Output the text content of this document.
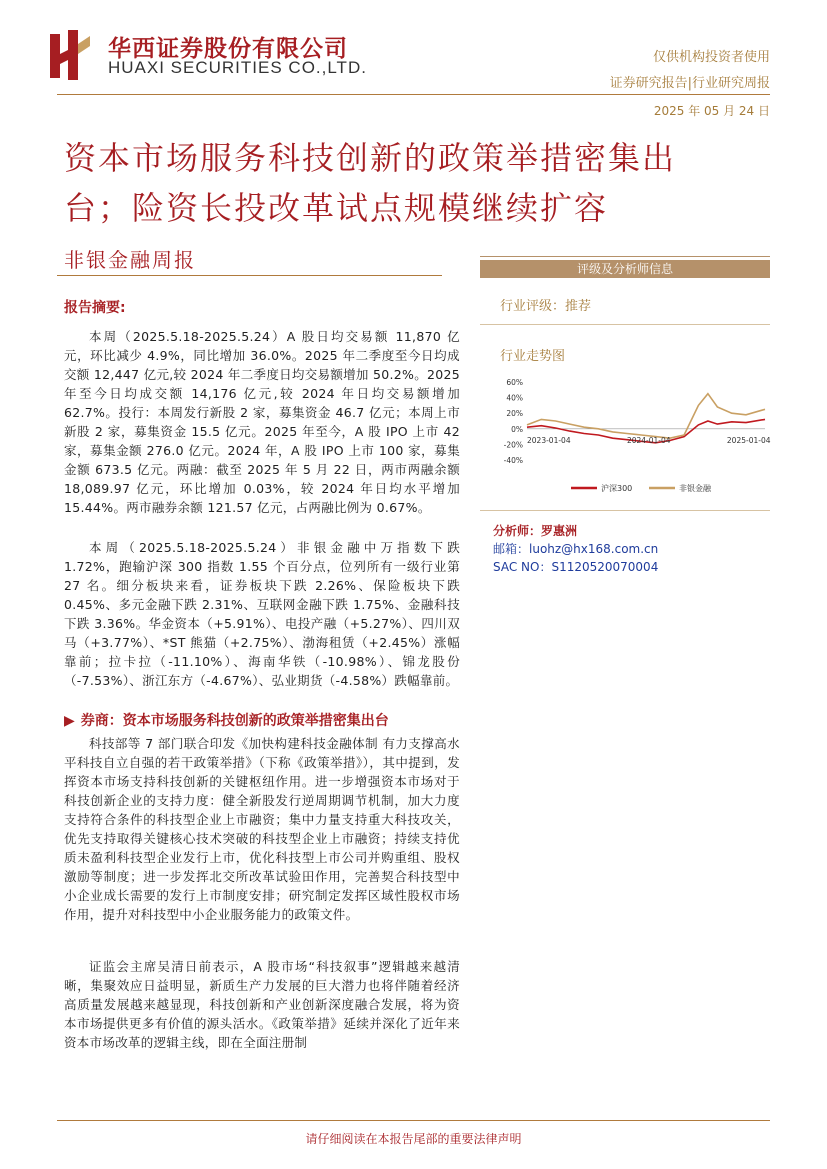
华西证券股份有限公司
HUAXI SECURITIES CO.,LTD.
仅供机构投资者使用
证券研究报告|行业研究周报
2025 年 05 月 24 日
资本市场服务科技创新的政策举措密集出
台；险资长投改革试点规模继续扩容
非银金融周报
报告摘要:
本周（2025.5.18-2025.5.24）A 股日均交易额 11,870 亿元，环比减少 4.9%，同比增加 36.0%。2025 年二季度至今日均成交额 12,447 亿元,较 2024 年二季度日均交易额增加 50.2%。2025 年至今日均成交额 14,176 亿元,较 2024 年日均交易额增加 62.7%。投行：本周发行新股 2 家，募集资金 46.7 亿元；本周上市新股 2 家，募集资金 15.5 亿元。2025 年至今，A 股 IPO 上市 42 家，募集金额 276.0 亿元。2024 年，A 股 IPO 上市 100 家，募集金额 673.5 亿元。两融：截至 2025 年 5 月 22 日，两市两融余额 18,089.97 亿元，环比增加 0.03%，较 2024 年日均水平增加 15.44%。两市融券余额 121.57 亿元，占两融比例为 0.67%。
本周（2025.5.18-2025.5.24）非银金融中万指数下跌 1.72%，跑输沪深 300 指数 1.55 个百分点，位列所有一级行业第 27 名。细分板块来看，证券板块下跌 2.26%、保险板块下跌 0.45%、多元金融下跌 2.31%、互联网金融下跌 1.75%、金融科技下跌 3.36%。华金资本（+5.91%）、电投产融（+5.27%）、四川双马（+3.77%）、*ST 熊猫（+2.75%）、渤海租赁（+2.45%）涨幅靠前；拉卡拉（-11.10%）、海南华铁（-10.98%）、锦龙股份（-7.53%）、浙江东方（-4.67%）、弘业期货（-4.58%）跌幅靠前。
▶ 券商：资本市场服务科技创新的政策举措密集出台
科技部等 7 部门联合印发《加快构建科技金融体制 有力支撑高水平科技自立自强的若干政策举措》（下称《政策举措》），其中提到，发挥资本市场支持科技创新的关键枢纽作用。进一步增强资本市场对于科技创新企业的支持力度：健全新股发行逆周期调节机制，加大力度支持符合条件的科技型企业上市融资；集中力量支持重大科技攻关，优先支持取得关键核心技术突破的科技型企业上市融资；持续支持优质未盈利科技型企业发行上市，优化科技型上市公司并购重组、股权激励等制度；进一步发挥北交所改革试验田作用，完善契合科技型中小企业成长需要的发行上市制度安排；研究制定发挥区域性股权市场作用，提升对科技型中小企业服务能力的政策文件。
证监会主席吴清日前表示，A 股市场“科技叙事”逻辑越来越清晰，集聚效应日益明显，新质生产力发展的巨大潜力也将伴随着经济高质量发展越来越显现，科技创新和产业创新深度融合发展，将为资本市场提供更多有价值的源头活水。《政策举措》延续并深化了近年来资本市场改革的逻辑主线，即在全面注册制
评级及分析师信息
行业评级：推荐
行业走势图
60%
40%
20%
0%
-20%
-40%
2023-01-04	2024-01-04	2025-01-04
沪深300	非银金融
分析师：罗惠洲
邮箱：luohz@hx168.com.cn
SAC NO：S1120520070004
请仔细阅读在本报告尾部的重要法律声明
